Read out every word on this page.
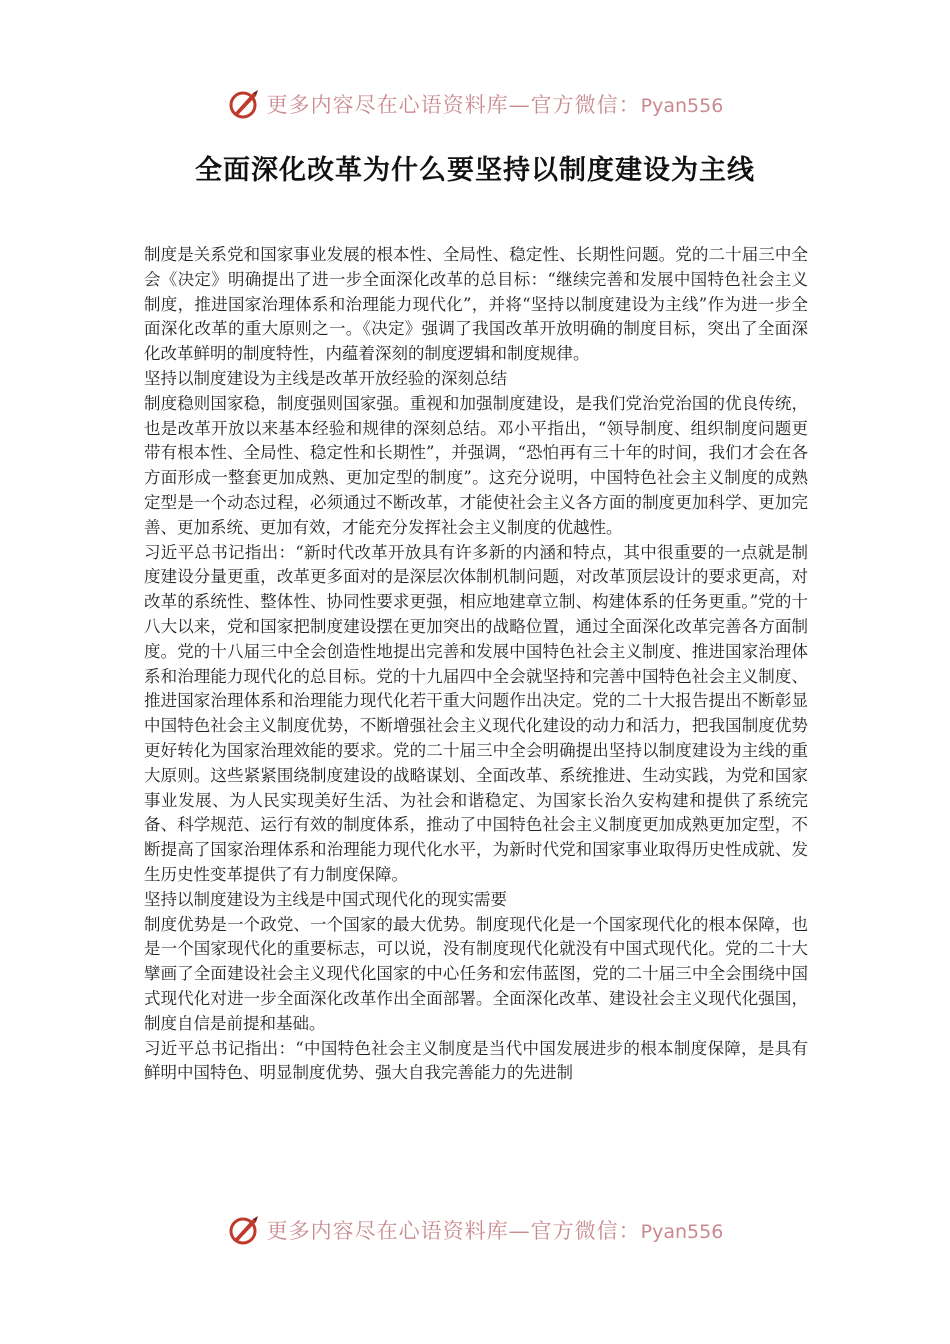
更多内容尽在心语资料库—官方微信：Pyan556
全面深化改革为什么要坚持以制度建设为主线

制度是关系党和国家事业发展的根本性、全局性、稳定性、长期性问题。党的二十届三中全会《决定》明确提出了进一步全面深化改革的总目标：“继续完善和发展中国特色社会主义制度，推进国家治理体系和治理能力现代化”，并将“坚持以制度建设为主线”作为进一步全面深化改革的重大原则之一。《决定》强调了我国改革开放明确的制度目标，突出了全面深化改革鲜明的制度特性，内蕴着深刻的制度逻辑和制度规律。

坚持以制度建设为主线是改革开放经验的深刻总结

制度稳则国家稳，制度强则国家强。重视和加强制度建设，是我们党治党治国的优良传统，也是改革开放以来基本经验和规律的深刻总结。邓小平指出，“领导制度、组织制度问题更带有根本性、全局性、稳定性和长期性”，并强调，“恐怕再有三十年的时间，我们才会在各方面形成一整套更加成熟、更加定型的制度”。这充分说明，中国特色社会主义制度的成熟定型是一个动态过程，必须通过不断改革，才能使社会主义各方面的制度更加科学、更加完善、更加系统、更加有效，才能充分发挥社会主义制度的优越性。

习近平总书记指出：“新时代改革开放具有许多新的内涵和特点，其中很重要的一点就是制度建设分量更重，改革更多面对的是深层次体制机制问题，对改革顶层设计的要求更高，对改革的系统性、整体性、协同性要求更强，相应地建章立制、构建体系的任务更重。”党的十八大以来，党和国家把制度建设摆在更加突出的战略位置，通过全面深化改革完善各方面制度。党的十八届三中全会创造性地提出完善和发展中国特色社会主义制度、推进国家治理体系和治理能力现代化的总目标。党的十九届四中全会就坚持和完善中国特色社会主义制度、推进国家治理体系和治理能力现代化若干重大问题作出决定。党的二十大报告提出不断彰显中国特色社会主义制度优势，不断增强社会主义现代化建设的动力和活力，把我国制度优势更好转化为国家治理效能的要求。党的二十届三中全会明确提出坚持以制度建设为主线的重大原则。这些紧紧围绕制度建设的战略谋划、全面改革、系统推进、生动实践，为党和国家事业发展、为人民实现美好生活、为社会和谐稳定、为国家长治久安构建和提供了系统完备、科学规范、运行有效的制度体系，推动了中国特色社会主义制度更加成熟更加定型，不断提高了国家治理体系和治理能力现代化水平，为新时代党和国家事业取得历史性成就、发生历史性变革提供了有力制度保障。

坚持以制度建设为主线是中国式现代化的现实需要

制度优势是一个政党、一个国家的最大优势。制度现代化是一个国家现代化的根本保障，也是一个国家现代化的重要标志，可以说，没有制度现代化就没有中国式现代化。党的二十大擘画了全面建设社会主义现代化国家的中心任务和宏伟蓝图，党的二十届三中全会围绕中国式现代化对进一步全面深化改革作出全面部署。全面深化改革、建设社会主义现代化强国，制度自信是前提和基础。

习近平总书记指出：“中国特色社会主义制度是当代中国发展进步的根本制度保障，是具有鲜明中国特色、明显制度优势、强大自我完善能力的先进制

更多内容尽在心语资料库—官方微信：Pyan556
